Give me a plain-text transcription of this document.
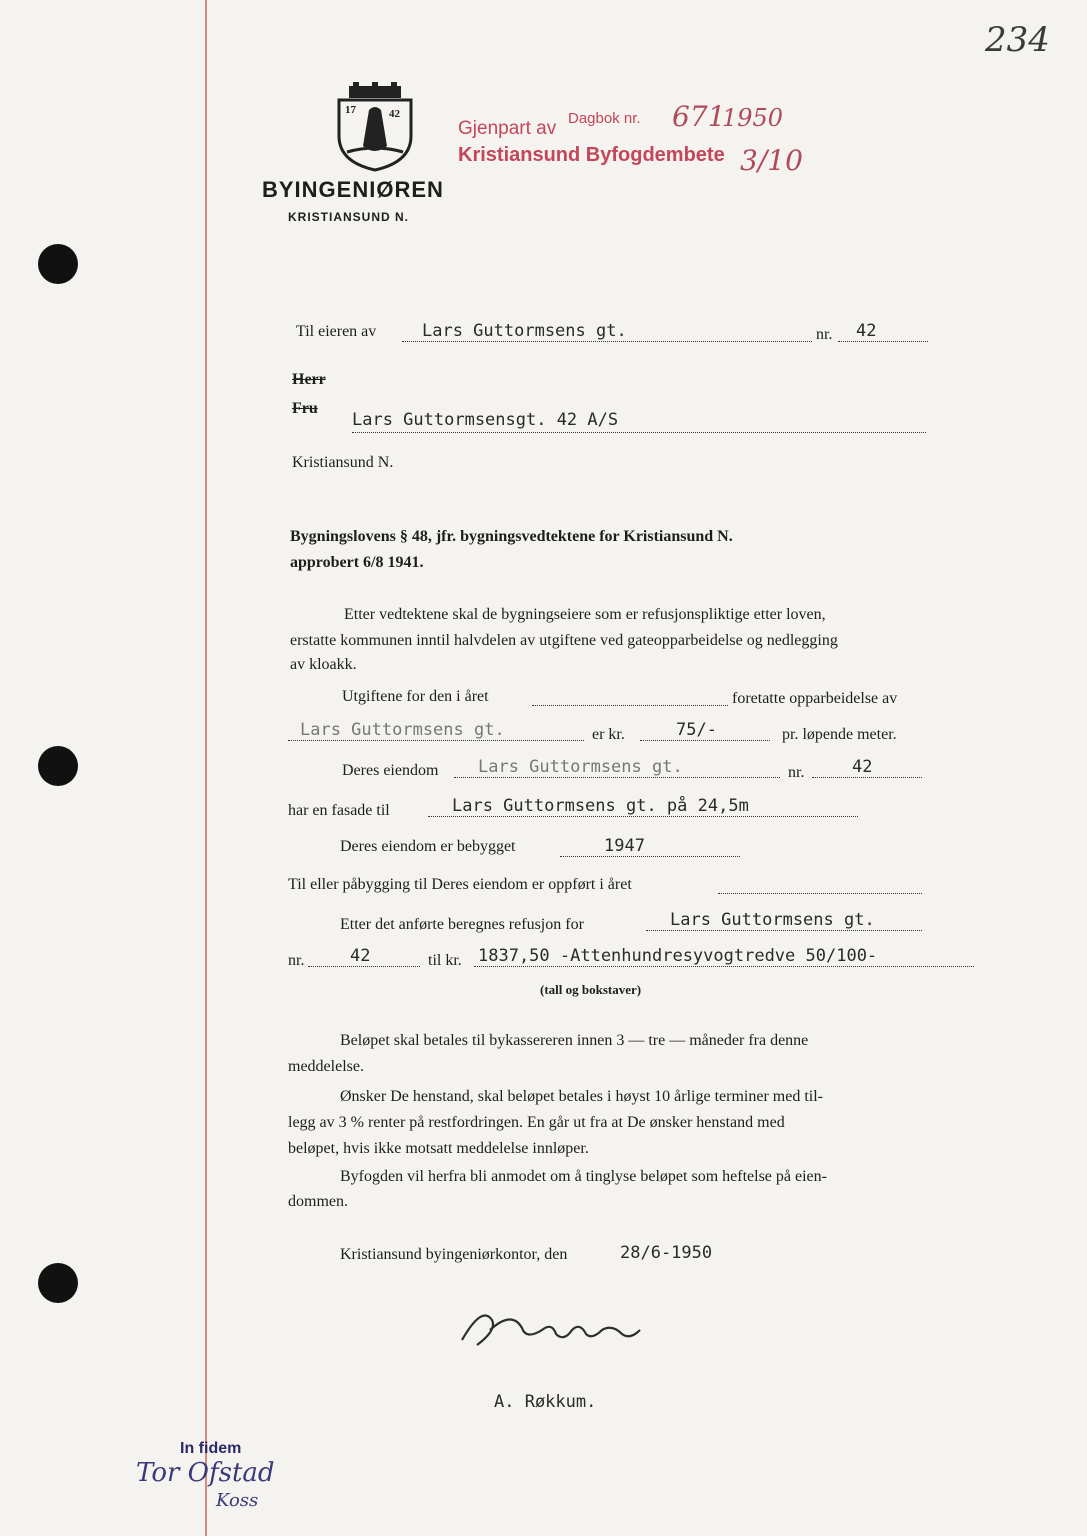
234
17	42
BYINGENIØREN
KRISTIANSUND N.
Dagbok nr. 671
1950
Gjenpart av
Kristiansund Byfogdembete 3/10
Til eieren av	Lars Guttormsens gt.	nr.	42
Herr
Fru
Lars Guttormsensgt. 42 A/S
Kristiansund N.
Bygningslovens § 48, jfr. bygningsvedtektene for Kristiansund N.
approbert 6/8 1941.
Etter vedtektene skal de bygningseiere som er refusjonspliktige etter loven,
erstatte kommunen inntil halvdelen av utgiftene ved gateopparbeidelse og nedlegging
av kloakk.
Utgiftene for den i året	foretatte opparbeidelse av
Lars Guttormsens gt.	er kr.	75/-	pr. løpende meter.
Deres eiendom	Lars Guttormsens gt.	nr.	42
har en fasade til	Lars Guttormsens gt. på 24,5m
Deres eiendom er bebygget	1947
Til eller påbygging til Deres eiendom er oppført i året
Etter det anførte beregnes refusjon for	Lars Guttormsens gt.
nr.	42	til kr. 1837,50 -Attenhundresyvogtredve 50/100-
(tall og bokstaver)
Beløpet skal betales til bykassereren innen 3 — tre — måneder fra denne
meddelelse.
Ønsker De henstand, skal beløpet betales i høyst 10 årlige terminer med til-
legg av 3 % renter på restfordringen. En går ut fra at De ønsker henstand med
beløpet, hvis ikke motsatt meddelelse innløper.
Byfogden vil herfra bli anmodet om å tinglyse beløpet som heftelse på eien-
dommen.
Kristiansund byingeniørkontor, den	28/6-1950
A. Røkkum.
In fidem
Tor Ofstad
Koss
